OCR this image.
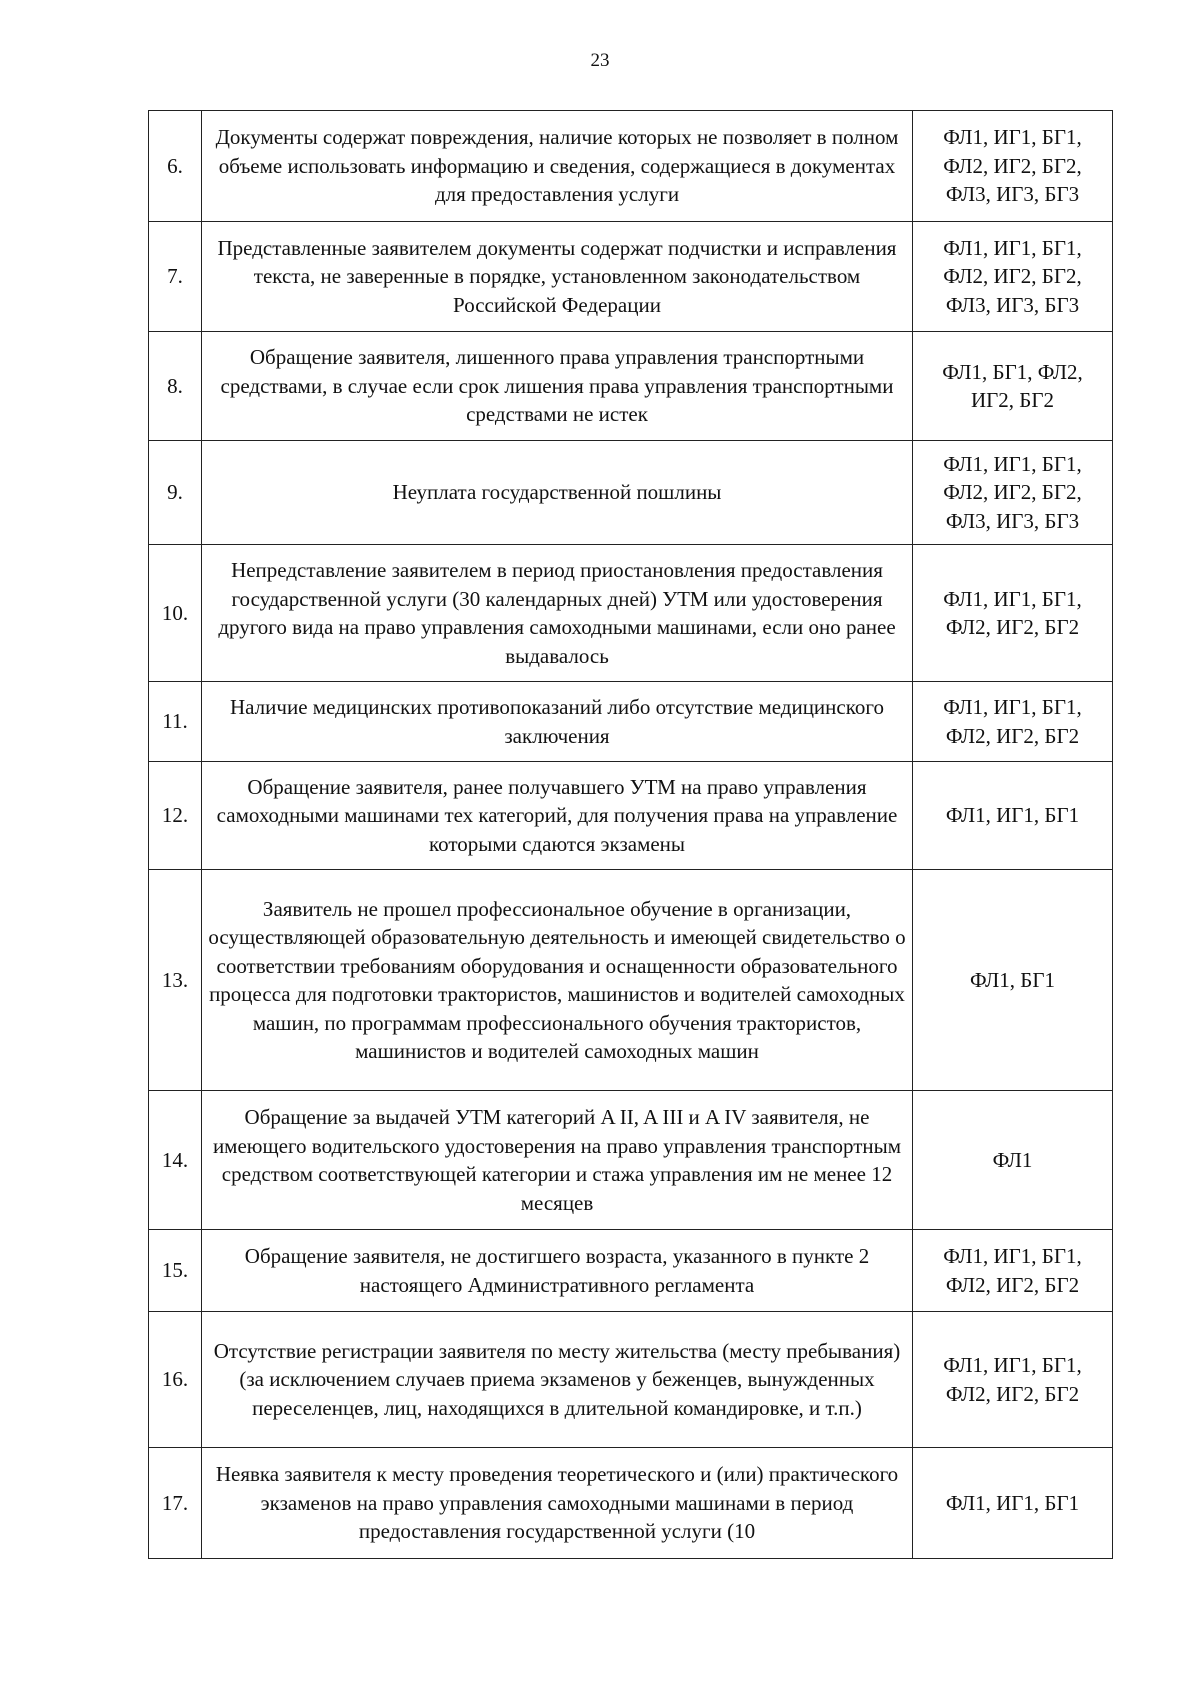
23
6.	Документы содержат повреждения, наличие которых не позволяет в полном объеме использовать информацию и сведения, содержащиеся в документах для предоставления услуги	ФЛ1, ИГ1, БГ1, ФЛ2, ИГ2, БГ2, ФЛ3, ИГ3, БГ3
7.	Представленные заявителем документы содержат подчистки и исправления текста, не заверенные в порядке, установленном законодательством Российской Федерации	ФЛ1, ИГ1, БГ1, ФЛ2, ИГ2, БГ2, ФЛ3, ИГ3, БГ3
8.	Обращение заявителя, лишенного права управления транспортными средствами, в случае если срок лишения права управления транспортными средствами не истек	ФЛ1, БГ1, ФЛ2, ИГ2, БГ2
9.	Неуплата государственной пошлины	ФЛ1, ИГ1, БГ1, ФЛ2, ИГ2, БГ2, ФЛ3, ИГ3, БГ3
10.	Непредставление заявителем в период приостановления предоставления государственной услуги (30 календарных дней) УТМ или удостоверения другого вида на право управления самоходными машинами, если оно ранее выдавалось	ФЛ1, ИГ1, БГ1, ФЛ2, ИГ2, БГ2
11.	Наличие медицинских противопоказаний либо отсутствие медицинского заключения	ФЛ1, ИГ1, БГ1, ФЛ2, ИГ2, БГ2
12.	Обращение заявителя, ранее получавшего УТМ на право управления самоходными машинами тех категорий, для получения права на управление которыми сдаются экзамены	ФЛ1, ИГ1, БГ1
13.	Заявитель не прошел профессиональное обучение в организации, осуществляющей образовательную деятельность и имеющей свидетельство о соответствии требованиям оборудования и оснащенности образовательного процесса для подготовки трактористов, машинистов и водителей самоходных машин, по программам профессионального обучения трактористов, машинистов и водителей самоходных машин	ФЛ1, БГ1
14.	Обращение за выдачей УТМ категорий A II, A III и A IV заявителя, не имеющего водительского удостоверения на право управления транспортным средством соответствующей категории и стажа управления им не менее 12 месяцев	ФЛ1
15.	Обращение заявителя, не достигшего возраста, указанного в пункте 2 настоящего Административного регламента	ФЛ1, ИГ1, БГ1, ФЛ2, ИГ2, БГ2
16.	Отсутствие регистрации заявителя по месту жительства (месту пребывания) (за исключением случаев приема экзаменов у беженцев, вынужденных переселенцев, лиц, находящихся в длительной командировке, и т.п.)	ФЛ1, ИГ1, БГ1, ФЛ2, ИГ2, БГ2
17.	Неявка заявителя к месту проведения теоретического и (или) практического экзаменов на право управления самоходными машинами в период предоставления государственной услуги (10	ФЛ1, ИГ1, БГ1
